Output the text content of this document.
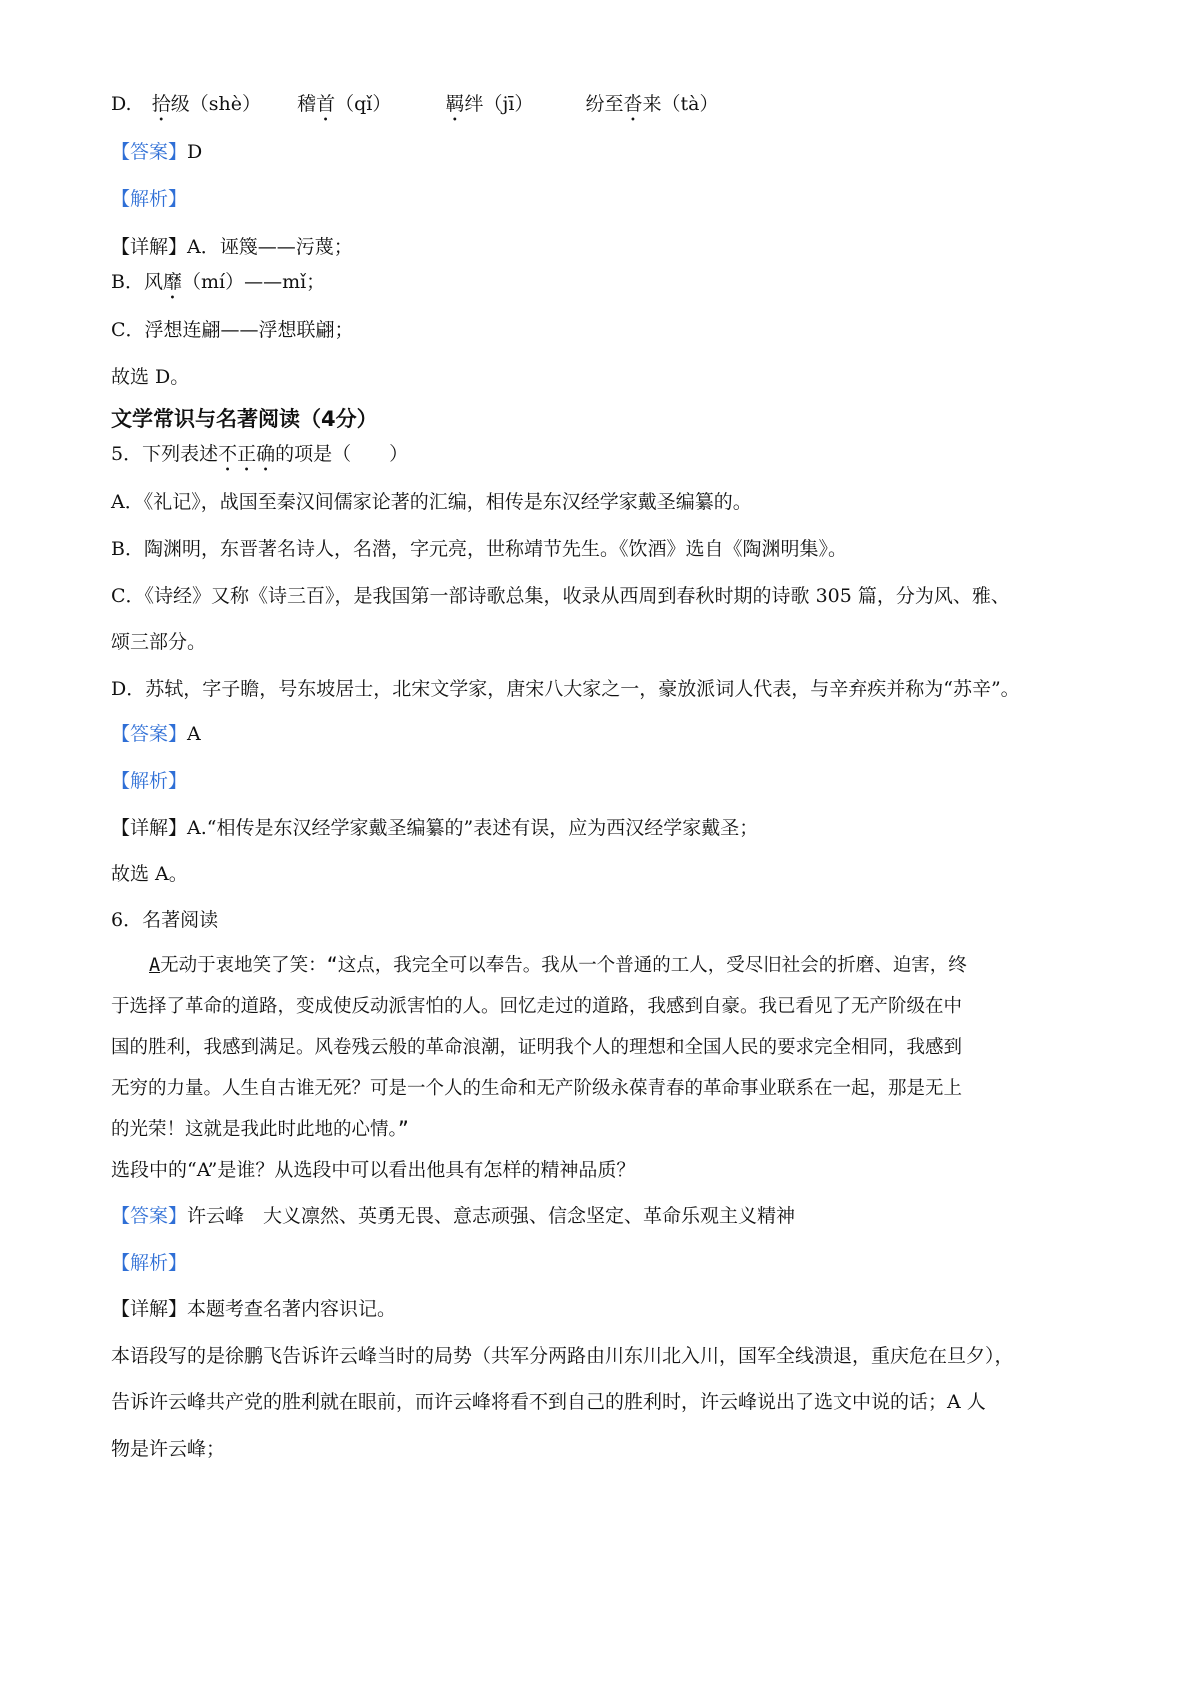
D. 拾级（shè） 稽首（qǐ）	羁绊（jī）	纷至沓来（tà）
【答案】D
【解析】
【详解】A．诬篾——污蔑；
B．风靡（mí）——mǐ；
C．浮想连翩——浮想联翩；
故选 D。
文学常识与名著阅读（4分）
5．下列表述不正确的项是（　　）
A．《礼记》，战国至秦汉间儒家论著的汇编，相传是东汉经学家戴圣编纂的。
B．陶渊明，东晋著名诗人，名潜，字元亮，世称靖节先生。《饮酒》选自《陶渊明集》。
C．《诗经》又称《诗三百》，是我国第一部诗歌总集，收录从西周到春秋时期的诗歌 305 篇，分为风、雅、
颂三部分。
D．苏轼，字子瞻，号东坡居士，北宋文学家，唐宋八大家之一，豪放派词人代表，与辛弃疾并称为“苏辛”。
【答案】A
【解析】
【详解】A.“相传是东汉经学家戴圣编纂的”表述有误，应为西汉经学家戴圣；
故选 A。
6．名著阅读
A无动于衷地笑了笑：“这点，我完全可以奉告。我从一个普通的工人，受尽旧社会的折磨、迫害，终
于选择了革命的道路，变成使反动派害怕的人。回忆走过的道路，我感到自豪。我已看见了无产阶级在中
国的胜利，我感到满足。风卷残云般的革命浪潮，证明我个人的理想和全国人民的要求完全相同，我感到
无穷的力量。人生自古谁无死？可是一个人的生命和无产阶级永葆青春的革命事业联系在一起，那是无上
的光荣！这就是我此时此地的心情。”
选段中的“A”是谁？从选段中可以看出他具有怎样的精神品质？
【答案】许云峰　大义凛然、英勇无畏、意志顽强、信念坚定、革命乐观主义精神
【解析】
【详解】本题考查名著内容识记。
本语段写的是徐鹏飞告诉许云峰当时的局势（共军分两路由川东川北入川，国军全线溃退，重庆危在旦夕），
告诉许云峰共产党的胜利就在眼前，而许云峰将看不到自己的胜利时，许云峰说出了选文中说的话；A 人
物是许云峰；
